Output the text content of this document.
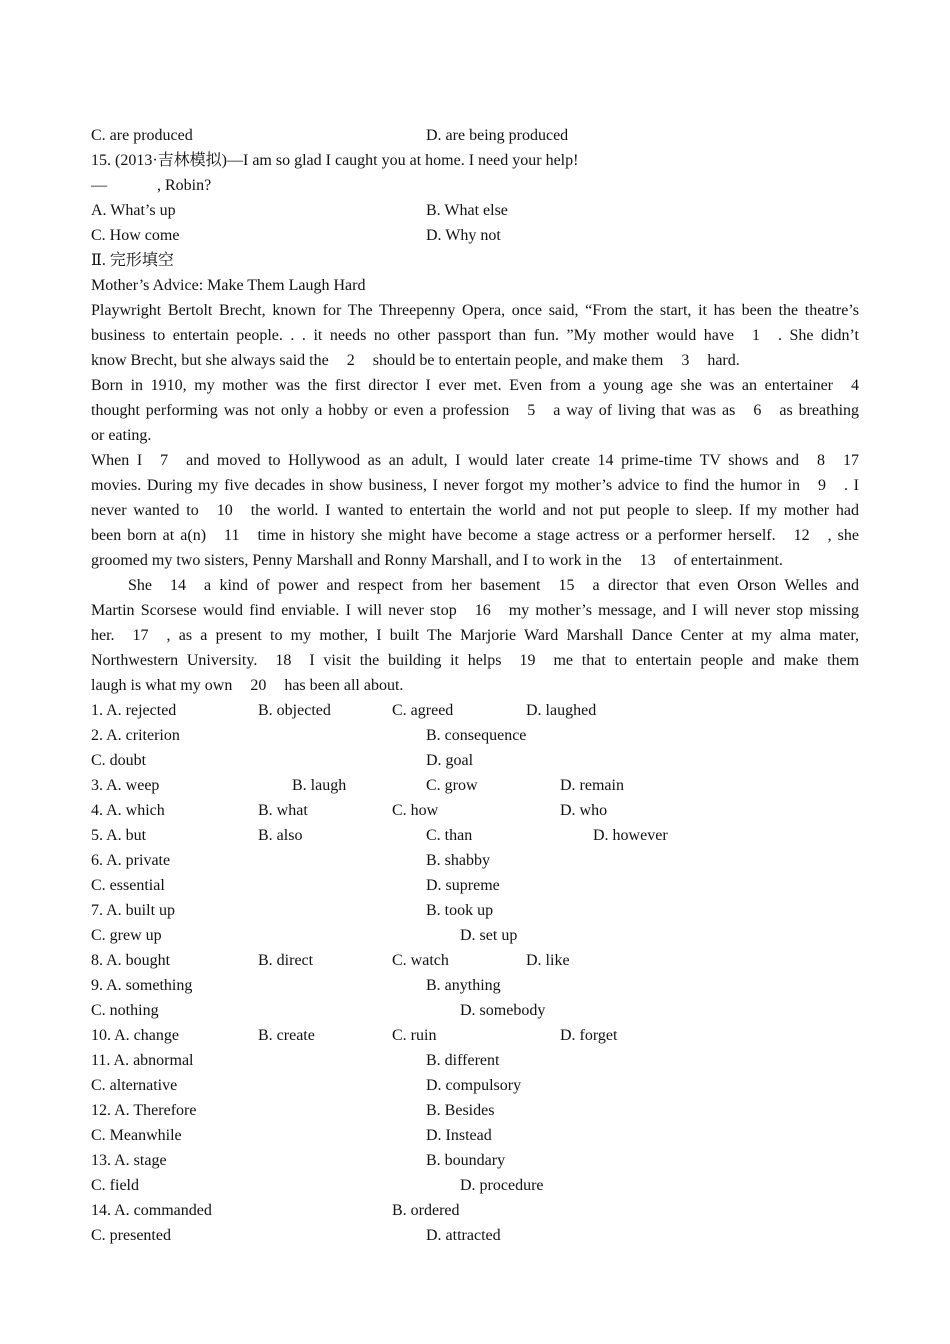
C. are produced	D. are being produced
15. (2013·吉林模拟)—I am so glad I caught you at home. I need your help!
—	, Robin?
A. What’s up	B. What else
C. How come	D. Why not
Ⅱ. 完形填空
Mother’s Advice: Make Them Laugh Hard
Playwright Bertolt Brecht, known for The Threepenny Opera, once said, “From the start, it has been the theatre’s
business to entertain people. . . it needs no other passport than fun. ”My mother would have 1 . She didn’t
know Brecht, but she always said the 2 should be to entertain people, and make them 3 hard.
Born in 1910, my mother was the first director I ever met. Even from a young age she was an entertainer 4
thought performing was not only a hobby or even a profession 5 a way of living that was as 6 as breathing
or eating.
When I 7 and moved to Hollywood as an adult, I would later create 14 prime-time TV shows and 8 17
movies. During my five decades in show business, I never forgot my mother’s advice to find the humor in 9 . I
never wanted to 10 the world. I wanted to entertain the world and not put people to sleep. If my mother had
been born at a(n) 11 time in history she might have become a stage actress or a performer herself. 12 , she
groomed my two sisters, Penny Marshall and Ronny Marshall, and I to work in the 13 of entertainment.
She 14 a kind of power and respect from her basement 15 a director that even Orson Welles and
Martin Scorsese would find enviable. I will never stop 16 my mother’s message, and I will never stop missing
her. 17 , as a present to my mother, I built The Marjorie Ward Marshall Dance Center at my alma mater,
Northwestern University. 18 I visit the building it helps 19 me that to entertain people and make them
laugh is what my own 20 has been all about.
1. A. rejected	B. objected	C. agreed	D. laughed
2. A. criterion	B. consequence
C. doubt	D. goal
3. A. weep	B. laugh	C. grow	D. remain
4. A. which	B. what	C. how	D. who
5. A. but	B. also	C. than	D. however
6. A. private	B. shabby
C. essential	D. supreme
7. A. built up	B. took up
C. grew up	D. set up
8. A. bought	B. direct	C. watch	D. like
9. A. something	B. anything
C. nothing	D. somebody
10. A. change	B. create	C. ruin	D. forget
11. A. abnormal	B. different
C. alternative	D. compulsory
12. A. Therefore	B. Besides
C. Meanwhile	D. Instead
13. A. stage	B. boundary
C. field	D. procedure
14. A. commanded	B. ordered
C. presented	D. attracted
